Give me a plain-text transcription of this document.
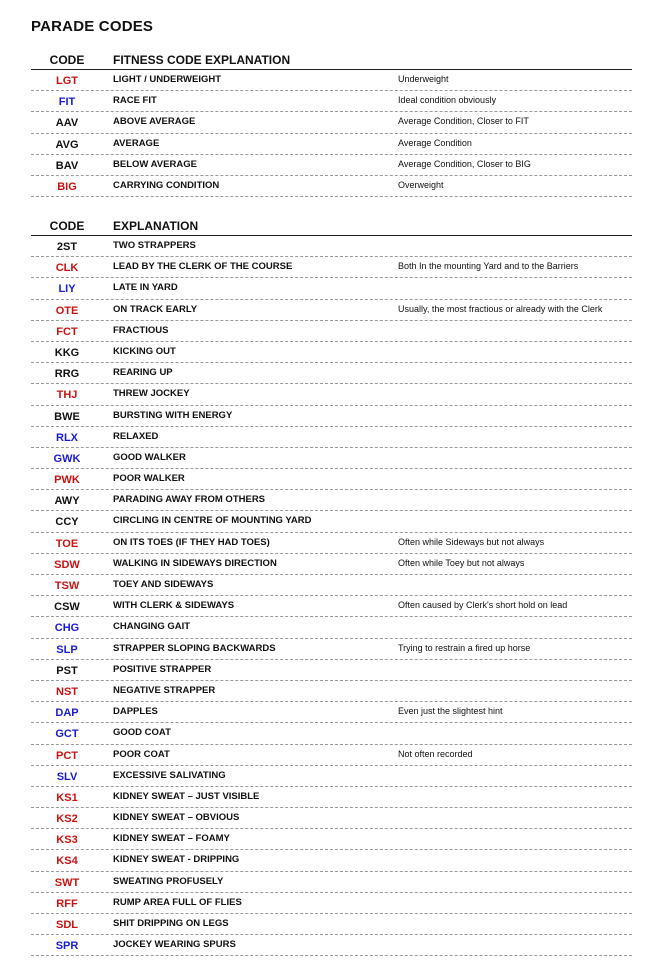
PARADE CODES
CODE	FITNESS CODE EXPLANATION
LGT	LIGHT / UNDERWEIGHT	Underweight
FIT	RACE FIT	Ideal condition obviously
AAV	ABOVE AVERAGE	Average Condition, Closer to FIT
AVG	AVERAGE	Average Condition
BAV	BELOW AVERAGE	Average Condition, Closer to BIG
BIG	CARRYING CONDITION	Overweight
CODE	EXPLANATION
2ST	TWO STRAPPERS
CLK	LEAD BY THE CLERK OF THE COURSE	Both In the mounting Yard and to the Barriers
LIY	LATE IN YARD
OTE	ON TRACK EARLY	Usually, the most fractious or already with the Clerk
FCT	FRACTIOUS
KKG	KICKING OUT
RRG	REARING UP
THJ	THREW JOCKEY
BWE	BURSTING WITH ENERGY
RLX	RELAXED
GWK	GOOD WALKER
PWK	POOR WALKER
AWY	PARADING AWAY FROM OTHERS
CCY	CIRCLING IN CENTRE OF MOUNTING YARD
TOE	ON ITS TOES (IF THEY HAD TOES)	Often while Sideways but not always
SDW	WALKING IN SIDEWAYS DIRECTION	Often while Toey but not always
TSW	TOEY AND SIDEWAYS
CSW	WITH CLERK & SIDEWAYS	Often caused by Clerk's short hold on lead
CHG	CHANGING GAIT
SLP	STRAPPER SLOPING BACKWARDS	Trying to restrain a fired up horse
PST	POSITIVE STRAPPER
NST	NEGATIVE STRAPPER
DAP	DAPPLES	Even just the slightest hint
GCT	GOOD COAT
PCT	POOR COAT	Not often recorded
SLV	EXCESSIVE SALIVATING
KS1	KIDNEY SWEAT – JUST VISIBLE
KS2	KIDNEY SWEAT – OBVIOUS
KS3	KIDNEY SWEAT – FOAMY
KS4	KIDNEY SWEAT - DRIPPING
SWT	SWEATING PROFUSELY
RFF	RUMP AREA FULL OF FLIES
SDL	SHIT DRIPPING ON LEGS
SPR	JOCKEY WEARING SPURS
